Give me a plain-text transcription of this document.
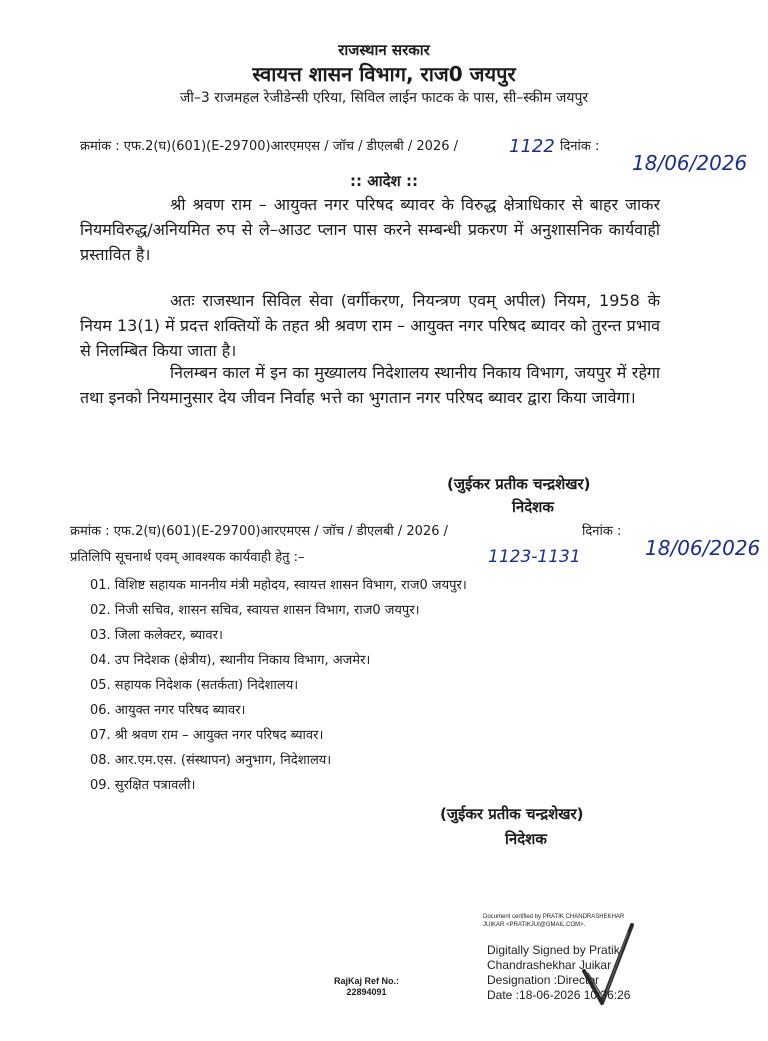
राजस्थान सरकार
स्वायत्त शासन विभाग, राज0 जयपुर
जी–3 राजमहल रेजीडेन्सी एरिया, सिविल लाईन फाटक के पास, सी–स्कीम जयपुर
क्रमांक : एफ.2(घ)(601)(E-29700)आरएमएस / जॉच / डीएलबी / 2026 /	1122 दिनांक :
18/06/2026
:: आदेश ::

श्री श्रवण राम – आयुक्त नगर परिषद ब्यावर के विरुद्ध क्षेत्राधिकार से बाहर जाकर नियमविरुद्ध/अनियमित रुप से ले–आउट प्लान पास करने सम्बन्धी प्रकरण में अनुशासनिक कार्यवाही प्रस्तावित है।

अतः राजस्थान सिविल सेवा (वर्गीकरण, नियन्त्रण एवम् अपील) नियम, 1958 के नियम 13(1) में प्रदत्त शक्तियों के तहत श्री श्रवण राम – आयुक्त नगर परिषद ब्यावर को तुरन्त प्रभाव से निलम्बित किया जाता है।

निलम्बन काल में इन का मुख्यालय निदेशालय स्थानीय निकाय विभाग, जयपुर में रहेगा तथा इनको नियमानुसार देय जीवन निर्वाह भत्ते का भुगतान नगर परिषद ब्यावर द्वारा किया जावेगा।

(जुईकर प्रतीक चन्द्रशेखर)
निदेशक
क्रमांक : एफ.2(घ)(601)(E-29700)आरएमएस / जॉच / डीएलबी / 2026 /	दिनांक :
18/06/2026
प्रतिलिपि सूचनार्थ एवम् आवश्यक कार्यवाही हेतु :–	1123-1131
01. विशिष्ट सहायक माननीय मंत्री महोदय, स्वायत्त शासन विभाग, राज0 जयपुर।
02. निजी सचिव, शासन सचिव, स्वायत्त शासन विभाग, राज0 जयपुर।
03. जिला कलेक्टर, ब्यावर।
04. उप निदेशक (क्षेत्रीय), स्थानीय निकाय विभाग, अजमेर।
05. सहायक निदेशक (सतर्कता) निदेशालय।
06. आयुक्त नगर परिषद ब्यावर।
07. श्री श्रवण राम – आयुक्त नगर परिषद ब्यावर।
08. आर.एम.एस. (संस्थापन) अनुभाग, निदेशालय।
09. सुरक्षित पत्रावली।
(जुईकर प्रतीक चन्द्रशेखर)
निदेशक
Document certified by PRATIK CHANDRASHEKHAR
JUIKAR <PRATIKJUI@GMAIL.COM>.
Digitally Signed by Pratik
Chandrashekhar Juikar
Designation :Director
Date :18-06-2026 10:36:26
RajKaj Ref No.:
22894091
